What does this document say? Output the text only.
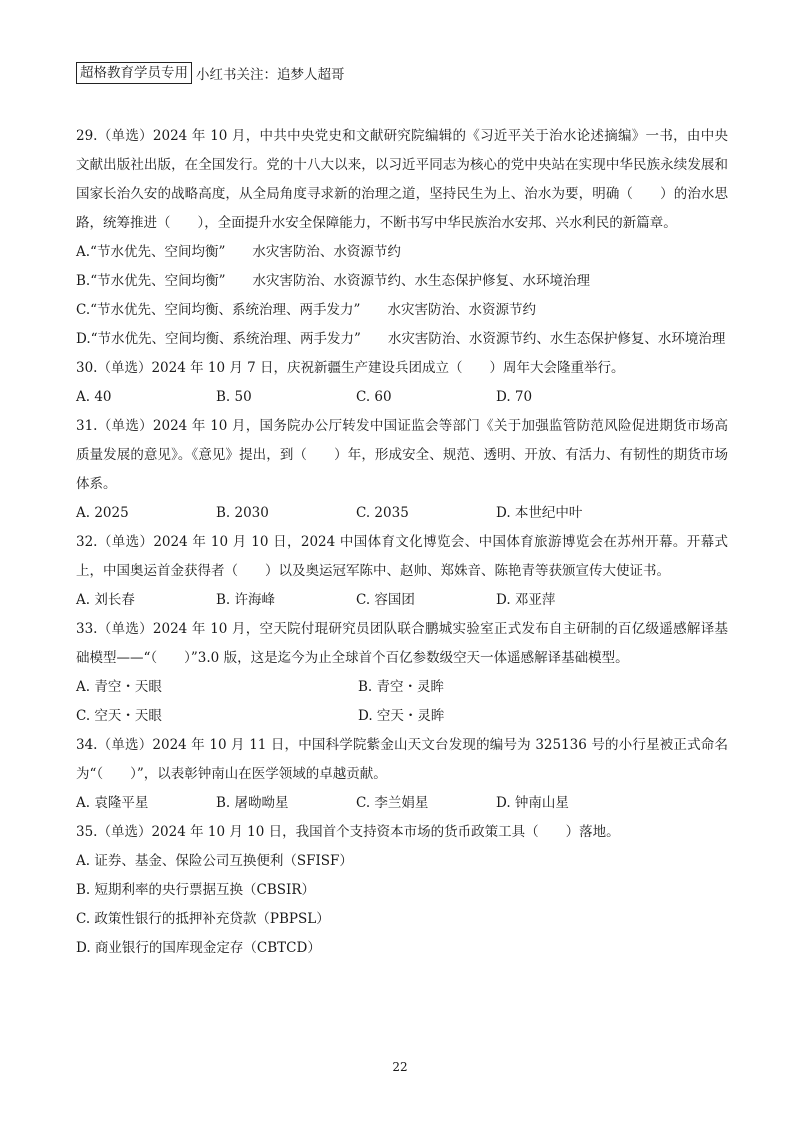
超格教育学员专用 小红书关注：追梦人超哥

29.（单选）2024 年 10 月，中共中央党史和文献研究院编辑的《习近平关于治水论述摘编》一书，由中央文献出版社出版，在全国发行。党的十八大以来，以习近平同志为核心的党中央站在实现中华民族永续发展和国家长治久安的战略高度，从全局角度寻求新的治理之道，坚持民生为上、治水为要，明确（　　）的治水思路，统筹推进（　　），全面提升水安全保障能力，不断书写中华民族治水安邦、兴水利民的新篇章。

A.“节水优先、空间均衡”　　水灾害防治、水资源节约

B.“节水优先、空间均衡”　　水灾害防治、水资源节约、水生态保护修复、水环境治理

C.“节水优先、空间均衡、系统治理、两手发力”　　水灾害防治、水资源节约

D.“节水优先、空间均衡、系统治理、两手发力”　　水灾害防治、水资源节约、水生态保护修复、水环境治理

30.（单选）2024 年 10 月 7 日，庆祝新疆生产建设兵团成立（　　）周年大会隆重举行。

A. 40	B. 50	C. 60	D. 70

31.（单选）2024 年 10 月，国务院办公厅转发中国证监会等部门《关于加强监管防范风险促进期货市场高质量发展的意见》。《意见》提出，到（　　）年，形成安全、规范、透明、开放、有活力、有韧性的期货市场体系。

A. 2025	B. 2030	C. 2035	D. 本世纪中叶

32.（单选）2024 年 10 月 10 日，2024 中国体育文化博览会、中国体育旅游博览会在苏州开幕。开幕式上，中国奥运首金获得者（　　）以及奥运冠军陈中、赵帅、郑姝音、陈艳青等获颁宣传大使证书。

A. 刘长春	B. 许海峰	C. 容国团	D. 邓亚萍

33.（单选）2024 年 10 月，空天院付琨研究员团队联合鹏城实验室正式发布自主研制的百亿级遥感解译基础模型——“（　　）”3.0 版，这是迄今为止全球首个百亿参数级空天一体遥感解译基础模型。

A. 青空・天眼	B. 青空・灵眸
C. 空天・天眼	D. 空天・灵眸

34.（单选）2024 年 10 月 11 日，中国科学院紫金山天文台发现的编号为 325136 号的小行星被正式命名为“（　　）”，以表彰钟南山在医学领域的卓越贡献。

A. 袁隆平星	B. 屠呦呦星	C. 李兰娟星	D. 钟南山星

35.（单选）2024 年 10 月 10 日，我国首个支持资本市场的货币政策工具（　　）落地。

A. 证券、基金、保险公司互换便利（SFISF）

B. 短期利率的央行票据互换（CBSIR）

C. 政策性银行的抵押补充贷款（PBPSL）

D. 商业银行的国库现金定存（CBTCD）

22
